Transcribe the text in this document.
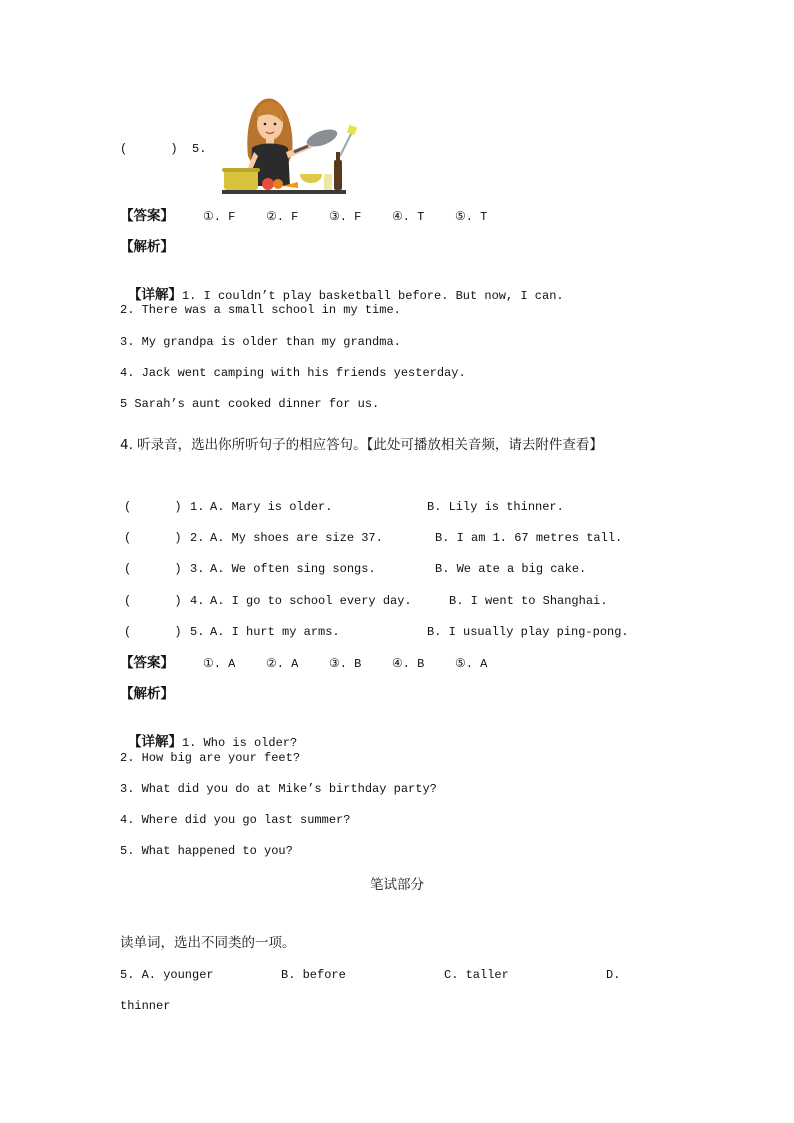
(      )  5.
【答案】 ①. F	②. F	③. F	④. T	⑤. T
【解析】

【详解】1. I couldn’t play basketball before. But now, I can.

2. There was a small school in my time.
3. My grandpa is older than my grandma.
4. Jack went camping with his friends yesterday.
5 Sarah’s aunt cooked dinner for us.
4. 听录音，选出你所听句子的相应答句。【此处可播放相关音频，请去附件查看】
(      ) 1. A. Mary is older.	B. Lily is thinner.
(      ) 2. A. My shoes are size 37.	B. I am 1. 67 metres tall.
(      ) 3. A. We often sing songs.	B. We ate a big cake.
(      ) 4. A. I go to school every day.	B. I went to Shanghai.
(      ) 5. A. I hurt my arms.	B. I usually play ping-pong.
【答案】 ①. A	②. A	③. B	④. B	⑤. A
【解析】

【详解】1. Who is older?

2. How big are your feet?
3. What did you do at Mike’s birthday party?
4. Where did you go last summer?
5. What happened to you?
笔试部分
读单词，选出不同类的一项。
5. A. younger	B. before	C. taller	D.
thinner
